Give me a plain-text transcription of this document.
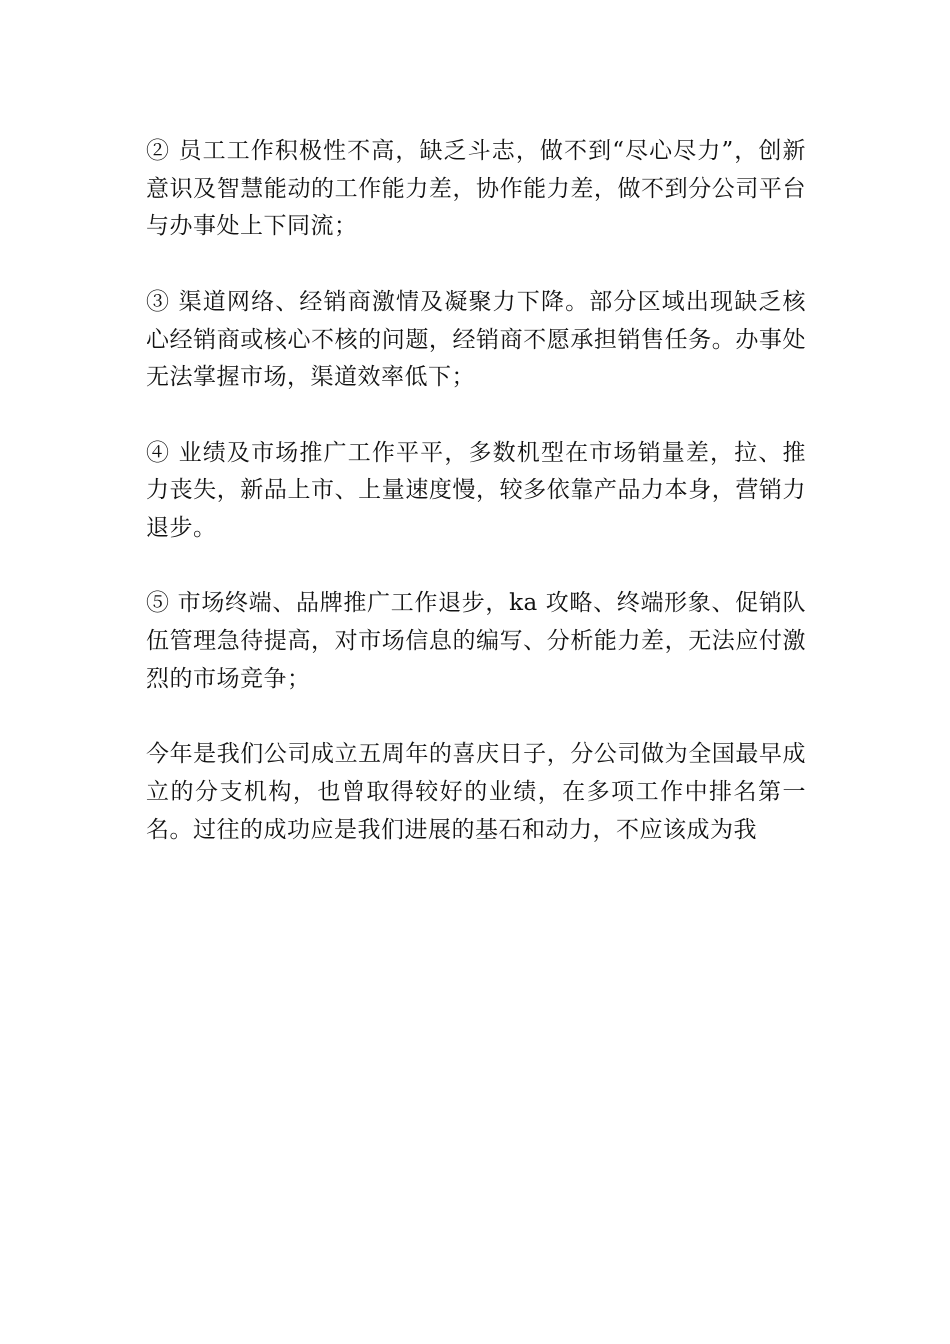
② 员工工作积极性不高，缺乏斗志，做不到“尽心尽力”，创新意识及智慧能动的工作能力差，协作能力差，做不到分公司平台与办事处上下同流；

③ 渠道网络、经销商激情及凝聚力下降。部分区域出现缺乏核心经销商或核心不核的问题，经销商不愿承担销售任务。办事处无法掌握市场，渠道效率低下；

④ 业绩及市场推广工作平平，多数机型在市场销量差，拉、推力丧失，新品上市、上量速度慢，较多依靠产品力本身，营销力退步。

⑤ 市场终端、品牌推广工作退步，ka 攻略、终端形象、促销队伍管理急待提高，对市场信息的编写、分析能力差，无法应付激烈的市场竞争；

今年是我们公司成立五周年的喜庆日子，分公司做为全国最早成立的分支机构，也曾取得较好的业绩，在多项工作中排名第一名。过往的成功应是我们进展的基石和动力，不应该成为我
